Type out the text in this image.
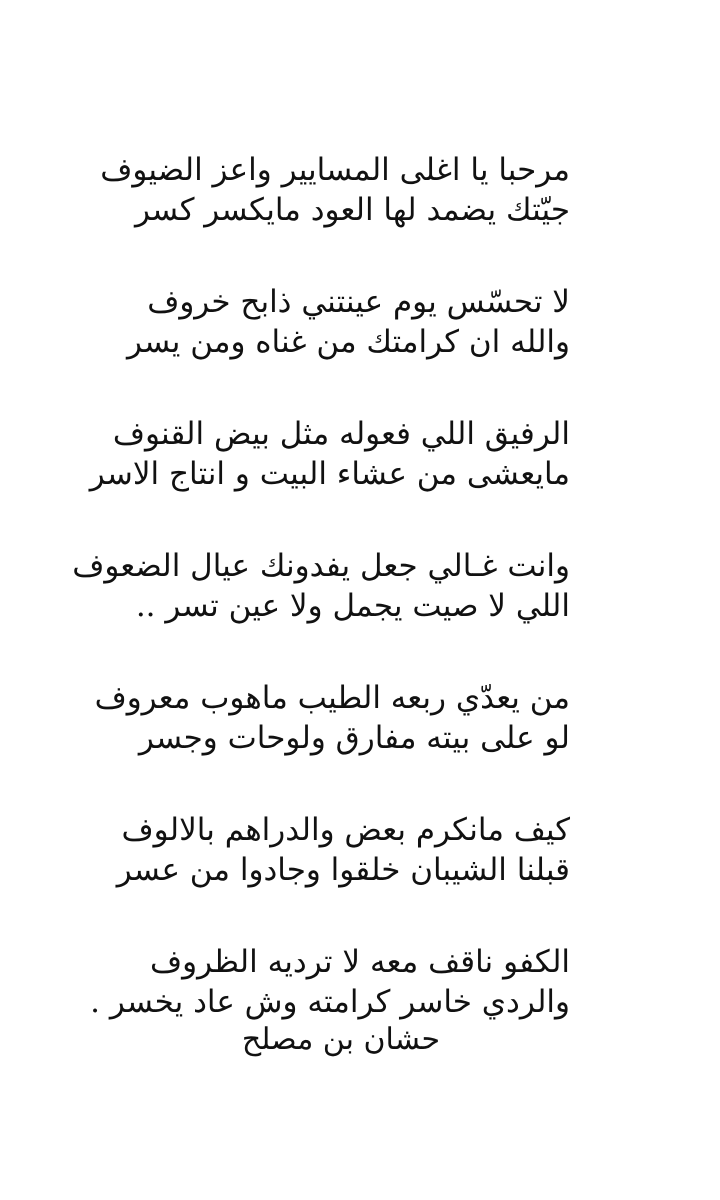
مرحبا يا اغلى المسايير واعز الضيوف
جيّتك يضمد لها العود مايكسر كسر
لا تحسّس يوم عينتني ذابح خروف
والله ان كرامتك من غناه ومن يسر
الرفيق اللي فعوله مثل بيض القنوف
مايعشى من عشاء البيت و انتاج الاسر
وانت غـالي جعل يفدونك عيال الضعوف
اللي لا صيت يجمل ولا عين تسر ..
من يعدّي ربعه الطيب ماهوب معروف
لو على بيته مفارق ولوحات وجسر
كيف مانكرم بعض والدراهم بالالوف
قبلنا الشيبان خلقوا وجادوا من عسر
الكفو ناقف معه لا ترديه الظروف
والردي خاسر كرامته وش عاد يخسر .
حشان بن مصلح
